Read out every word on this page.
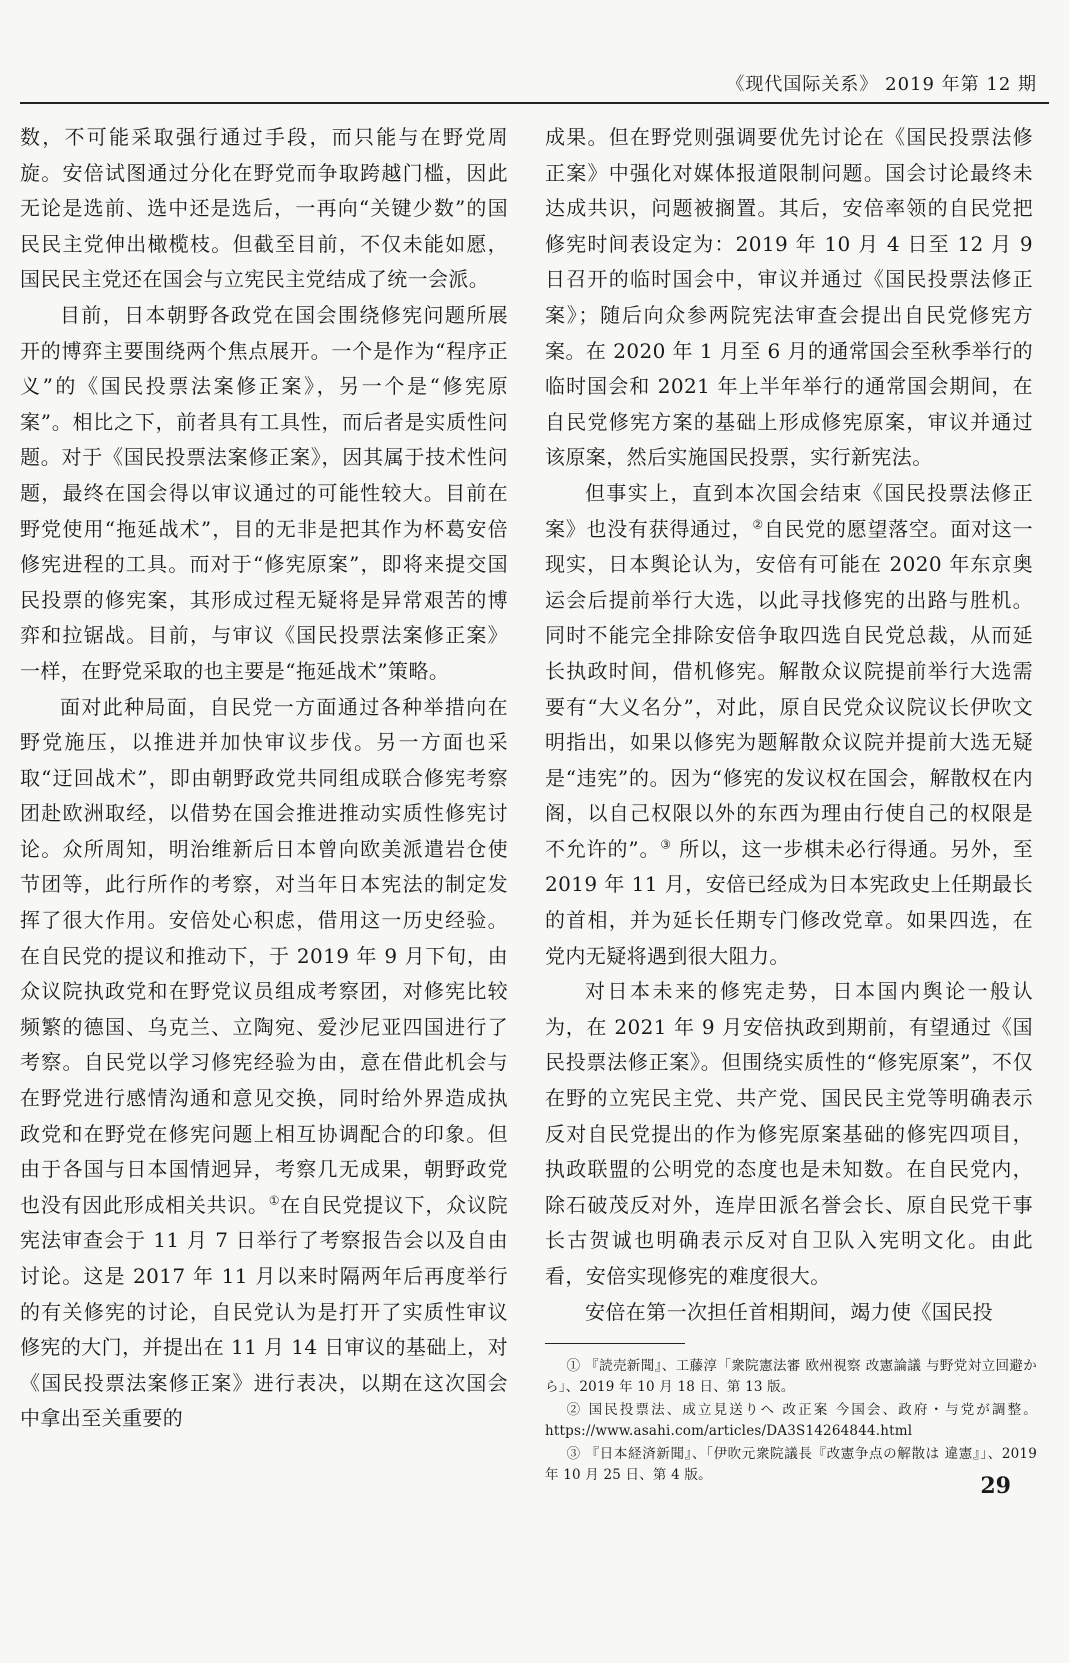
《现代国际关系》 2019 年第 12 期

数，不可能采取强行通过手段，而只能与在野党周旋。安倍试图通过分化在野党而争取跨越门槛，因此无论是选前、选中还是选后，一再向“关键少数”的国民民主党伸出橄榄枝。但截至目前，不仅未能如愿，国民民主党还在国会与立宪民主党结成了统一会派。

目前，日本朝野各政党在国会围绕修宪问题所展开的博弈主要围绕两个焦点展开。一个是作为“程序正义”的《国民投票法案修正案》，另一个是“修宪原案”。相比之下，前者具有工具性，而后者是实质性问题。对于《国民投票法案修正案》，因其属于技术性问题，最终在国会得以审议通过的可能性较大。目前在野党使用“拖延战术”，目的无非是把其作为杯葛安倍修宪进程的工具。而对于“修宪原案”，即将来提交国民投票的修宪案，其形成过程无疑将是异常艰苦的博弈和拉锯战。目前，与审议《国民投票法案修正案》一样，在野党采取的也主要是“拖延战术”策略。

面对此种局面，自民党一方面通过各种举措向在野党施压，以推进并加快审议步伐。另一方面也采取“迂回战术”，即由朝野政党共同组成联合修宪考察团赴欧洲取经，以借势在国会推进推动实质性修宪讨论。众所周知，明治维新后日本曾向欧美派遣岩仓使节团等，此行所作的考察，对当年日本宪法的制定发挥了很大作用。安倍处心积虑，借用这一历史经验。在自民党的提议和推动下，于 2019 年 9 月下旬，由众议院执政党和在野党议员组成考察团，对修宪比较频繁的德国、乌克兰、立陶宛、爱沙尼亚四国进行了考察。自民党以学习修宪经验为由，意在借此机会与在野党进行感情沟通和意见交换，同时给外界造成执政党和在野党在修宪问题上相互协调配合的印象。但由于各国与日本国情迥异，考察几无成果，朝野政党也没有因此形成相关共识。①在自民党提议下，众议院宪法审查会于 11 月 7 日举行了考察报告会以及自由讨论。这是 2017 年 11 月以来时隔两年后再度举行的有关修宪的讨论，自民党认为是打开了实质性审议修宪的大门，并提出在 11 月 14 日审议的基础上，对《国民投票法案修正案》进行表决，以期在这次国会中拿出至关重要的

成果。但在野党则强调要优先讨论在《国民投票法修正案》中强化对媒体报道限制问题。国会讨论最终未达成共识，问题被搁置。其后，安倍率领的自民党把修宪时间表设定为：2019 年 10 月 4 日至 12 月 9 日召开的临时国会中，审议并通过《国民投票法修正案》；随后向众参两院宪法审查会提出自民党修宪方案。在 2020 年 1 月至 6 月的通常国会至秋季举行的临时国会和 2021 年上半年举行的通常国会期间，在自民党修宪方案的基础上形成修宪原案，审议并通过该原案，然后实施国民投票，实行新宪法。

但事实上，直到本次国会结束《国民投票法修正案》也没有获得通过，②自民党的愿望落空。面对这一现实，日本舆论认为，安倍有可能在 2020 年东京奥运会后提前举行大选，以此寻找修宪的出路与胜机。同时不能完全排除安倍争取四选自民党总裁，从而延长执政时间，借机修宪。解散众议院提前举行大选需要有“大义名分”，对此，原自民党众议院议长伊吹文明指出，如果以修宪为题解散众议院并提前大选无疑是“违宪”的。因为“修宪的发议权在国会，解散权在内阁，以自己权限以外的东西为理由行使自己的权限是不允许的”。③ 所以，这一步棋未必行得通。另外，至 2019 年 11 月，安倍已经成为日本宪政史上任期最长的首相，并为延长任期专门修改党章。如果四选，在党内无疑将遇到很大阻力。

对日本未来的修宪走势，日本国内舆论一般认为，在 2021 年 9 月安倍执政到期前，有望通过《国民投票法修正案》。但围绕实质性的“修宪原案”，不仅在野的立宪民主党、共产党、国民民主党等明确表示反对自民党提出的作为修宪原案基础的修宪四项目，执政联盟的公明党的态度也是未知数。在自民党内，除石破茂反对外，连岸田派名誉会长、原自民党干事长古贺诚也明确表示反对自卫队入宪明文化。由此看，安倍实现修宪的难度很大。

安倍在第一次担任首相期间，竭力使《国民投

① 『読売新聞』、工藤淳「衆院憲法審 欧州視察 改憲論議 与野党対立回避から」、2019 年 10 月 18 日、第 13 版。

② 国民投票法、成立見送りへ 改正案 今国会、政府・与党が調整。https://www.asahi.com/articles/DA3S14264844.html

③ 『日本経済新聞』、「伊吹元衆院議長『改憲争点の解散は 違憲』」、2019 年 10 月 25 日、第 4 版。	29
